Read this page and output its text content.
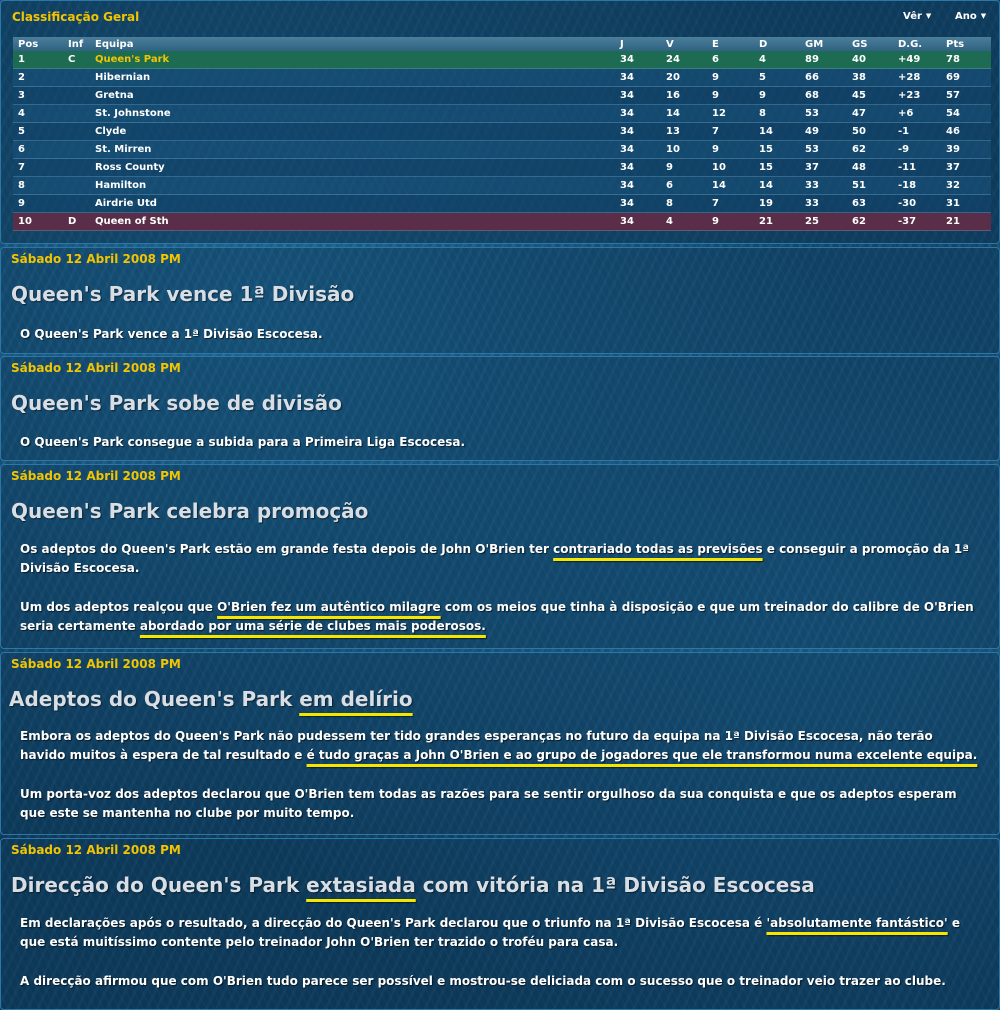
Classificação Geral	Vêr ▼ Ano ▼
Pos	Inf	Equipa	J	V	E	D	GM	GS	D.G.	Pts
1	C	Queen's Park	34	24	6	4	89	40	+49	78
2		Hibernian	34	20	9	5	66	38	+28	69
3		Gretna	34	16	9	9	68	45	+23	57
4		St. Johnstone	34	14	12	8	53	47	+6	54
5		Clyde	34	13	7	14	49	50	-1	46
6		St. Mirren	34	10	9	15	53	62	-9	39
7		Ross County	34	9	10	15	37	48	-11	37
8		Hamilton	34	6	14	14	33	51	-18	32
9		Airdrie Utd	34	8	7	19	33	63	-30	31
10	D	Queen of Sth	34	4	9	21	25	62	-37	21
Sábado 12 Abril 2008 PM
Queen's Park vence 1ª Divisão

O Queen's Park vence a 1ª Divisão Escocesa.

Sábado 12 Abril 2008 PM
Queen's Park sobe de divisão

O Queen's Park consegue a subida para a Primeira Liga Escocesa.

Sábado 12 Abril 2008 PM
Queen's Park celebra promoção

Os adeptos do Queen's Park estão em grande festa depois de John O'Brien ter contrariado todas as previsões e conseguir a promoção da 1ª Divisão Escocesa.

Um dos adeptos realçou que O'Brien fez um autêntico milagre com os meios que tinha à disposição e que um treinador do calibre de O'Brien seria certamente abordado por uma série de clubes mais poderosos.

Sábado 12 Abril 2008 PM
Adeptos do Queen's Park em delírio

Embora os adeptos do Queen's Park não pudessem ter tido grandes esperanças no futuro da equipa na 1ª Divisão Escocesa, não terão havido muitos à espera de tal resultado e é tudo graças a John O'Brien e ao grupo de jogadores que ele transformou numa excelente equipa.

Um porta-voz dos adeptos declarou que O'Brien tem todas as razões para se sentir orgulhoso da sua conquista e que os adeptos esperam que este se mantenha no clube por muito tempo.

Sábado 12 Abril 2008 PM
Direcção do Queen's Park extasiada com vitória na 1ª Divisão Escocesa

Em declarações após o resultado, a direcção do Queen's Park declarou que o triunfo na 1ª Divisão Escocesa é 'absolutamente fantástico' e que está muitíssimo contente pelo treinador John O'Brien ter trazido o troféu para casa.

A direcção afirmou que com O'Brien tudo parece ser possível e mostrou-se deliciada com o sucesso que o treinador veio trazer ao clube.
